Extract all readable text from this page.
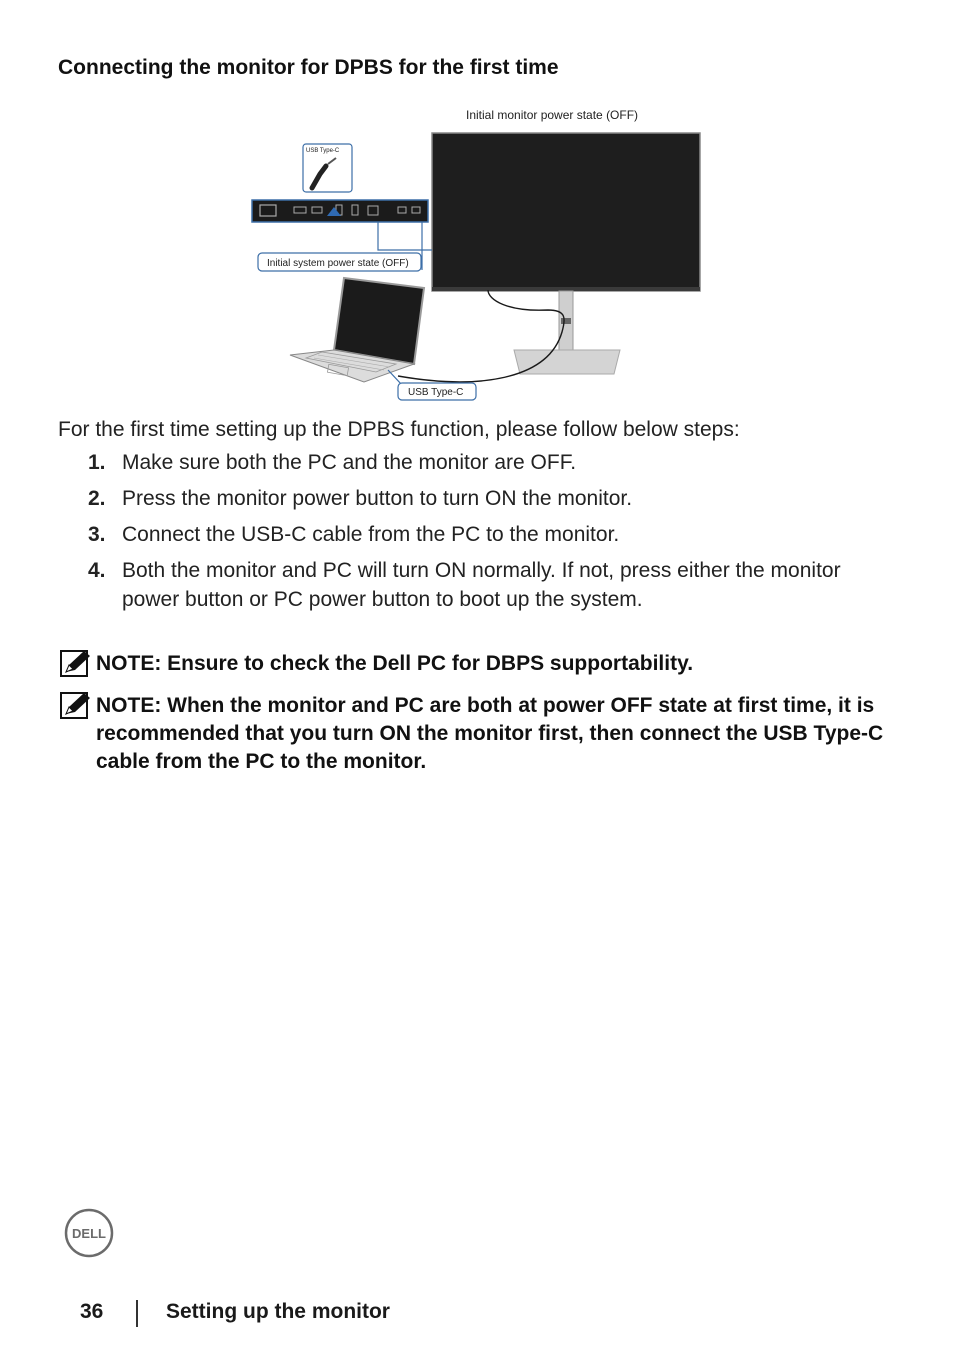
Connecting the monitor for DPBS for the first time
Initial monitor power state (OFF)
USB Type-C
Initial system power state (OFF)
USB Type-C
For the first time setting up the DPBS function, please follow below steps:
1. Make sure both the PC and the monitor are OFF.
2. Press the monitor power button to turn ON the monitor.
3. Connect the USB-C cable from the PC to the monitor.
4. Both the monitor and PC will turn ON normally. If not, press either the monitor power button or PC power button to boot up the system.
NOTE: Ensure to check the Dell PC for DBPS supportability.
NOTE: When the monitor and PC are both at power OFF state at first time, it is recommended that you turn ON the monitor first, then connect the USB Type-C cable from the PC to the monitor.
DELL
36	Setting up the monitor
